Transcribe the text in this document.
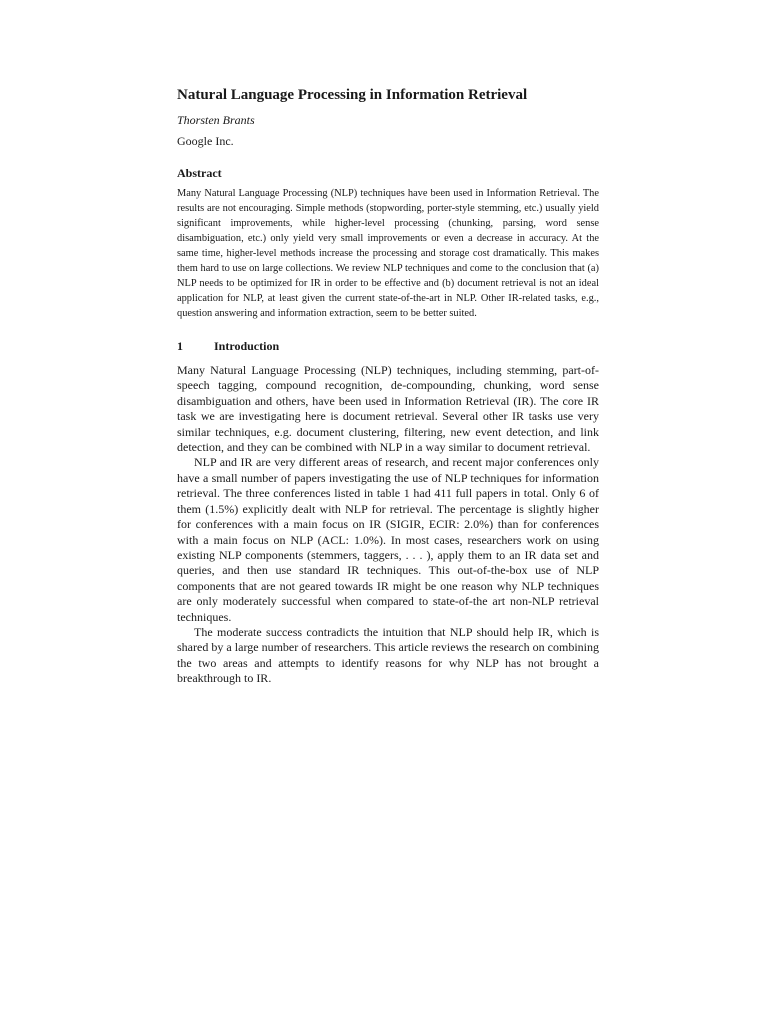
Natural Language Processing in Information Retrieval
Thorsten Brants
Google Inc.
Abstract

Many Natural Language Processing (NLP) techniques have been used in Information Retrieval. The results are not encouraging. Simple methods (stopwording, porter-style stemming, etc.) usually yield significant improvements, while higher-level processing (chunking, parsing, word sense disambiguation, etc.) only yield very small improvements or even a decrease in accuracy. At the same time, higher-level methods increase the processing and storage cost dramatically. This makes them hard to use on large collections. We review NLP techniques and come to the conclusion that (a) NLP needs to be optimized for IR in order to be effective and (b) document retrieval is not an ideal application for NLP, at least given the current state-of-the-art in NLP. Other IR-related tasks, e.g., question answering and information extraction, seem to be better suited.

1	Introduction

Many Natural Language Processing (NLP) techniques, including stemming, part-of-speech tagging, compound recognition, de-compounding, chunking, word sense disambiguation and others, have been used in Information Retrieval (IR). The core IR task we are investigating here is document retrieval. Several other IR tasks use very similar techniques, e.g. document clustering, filtering, new event detection, and link detection, and they can be combined with NLP in a way similar to document retrieval.

NLP and IR are very different areas of research, and recent major conferences only have a small number of papers investigating the use of NLP techniques for information retrieval. The three conferences listed in table 1 had 411 full papers in total. Only 6 of them (1.5%) explicitly dealt with NLP for retrieval. The percentage is slightly higher for conferences with a main focus on IR (SIGIR, ECIR: 2.0%) than for conferences with a main focus on NLP (ACL: 1.0%). In most cases, researchers work on using existing NLP components (stemmers, taggers, . . . ), apply them to an IR data set and queries, and then use standard IR techniques. This out-of-the-box use of NLP components that are not geared towards IR might be one reason why NLP techniques are only moderately successful when compared to state-of-the art non-NLP retrieval techniques.

The moderate success contradicts the intuition that NLP should help IR, which is shared by a large number of researchers. This article reviews the research on combining the two areas and attempts to identify reasons for why NLP has not brought a breakthrough to IR.
